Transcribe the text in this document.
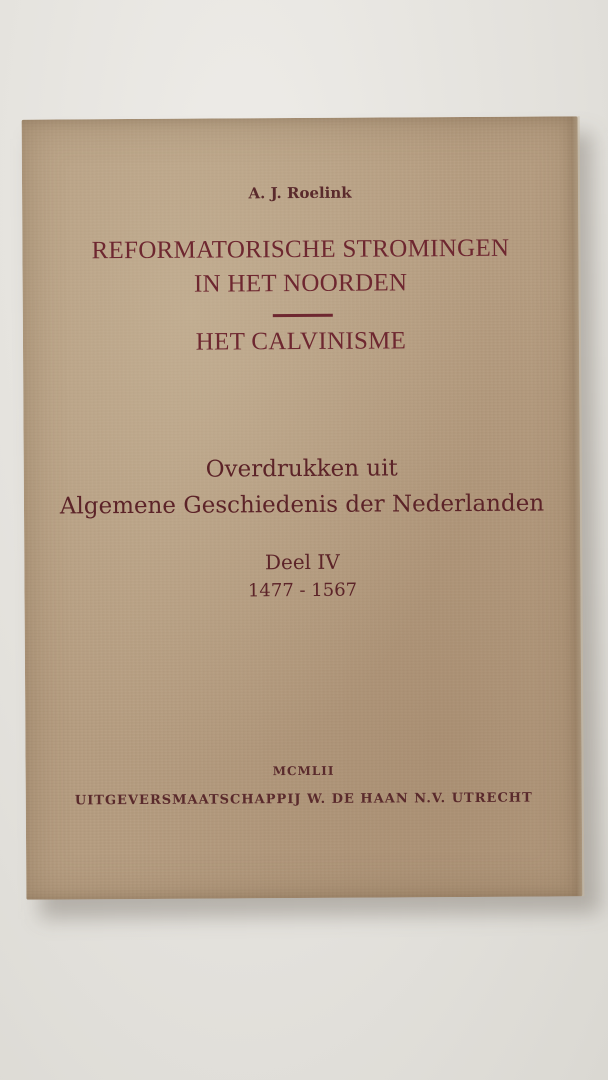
A. J. Roelink
REFORMATORISCHE STROMINGEN
IN HET NOORDEN
HET CALVINISME
Overdrukken uit
Algemene Geschiedenis der Nederlanden
Deel IV
1477 - 1567
MCMLII
UITGEVERSMAATSCHAPPIJ W. DE HAAN N.V. UTRECHT
